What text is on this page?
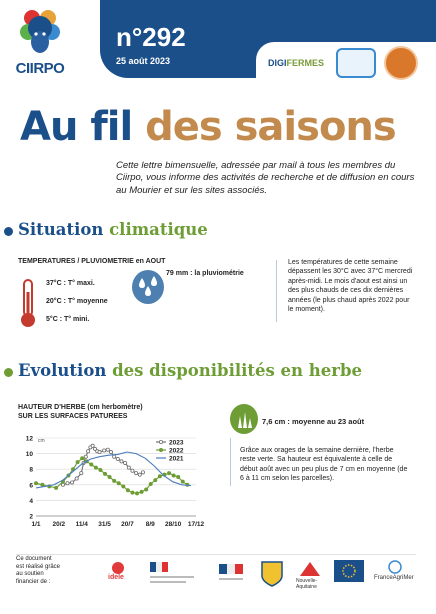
CIIRPO
n°292
25 août 2023	DIGIFERMES
Au fil des saisons
Cette lettre bimensuelle, adressée par mail à tous les membres du Ciirpo, vous informe des activités de recherche et de diffusion en cours au Mourier et sur les sites associés.
Situation climatique
TEMPERATURES / PLUVIOMETRIE en AOUT
37°C : T° maxi.
20°C : T° moyenne
5°C : T° mini.
79 mm : la pluviométrie
Les températures de cette semaine dépassent les 30°C avec 37°C mercredi après-midi. Le mois d'aout est ainsi un des plus chauds de ces dix dernières années (le plus chaud après 2022 pour le moment).
Evolution des disponibilités en herbe
HAUTEUR D'HERBE (cm herbomètre)
SUR LES SURFACES PATUREES
2
4
6
8
10
12 cm
1/1 20/2 11/4 31/5 20/7 8/9 28/10 17/12
2023
2022
2021
7,6 cm : moyenne au 23 août
Grâce aux orages de la semaine dernière, l'herbe reste verte. Sa hauteur est équivalente à celle de début août avec un peu plus de 7 cm en moyenne (de 6 à 11 cm selon les parcelles).
Ce document
est réalisé grâce
au soutien
financier de :
idele	Nouvelle-Aquitaine
FranceAgriMer
